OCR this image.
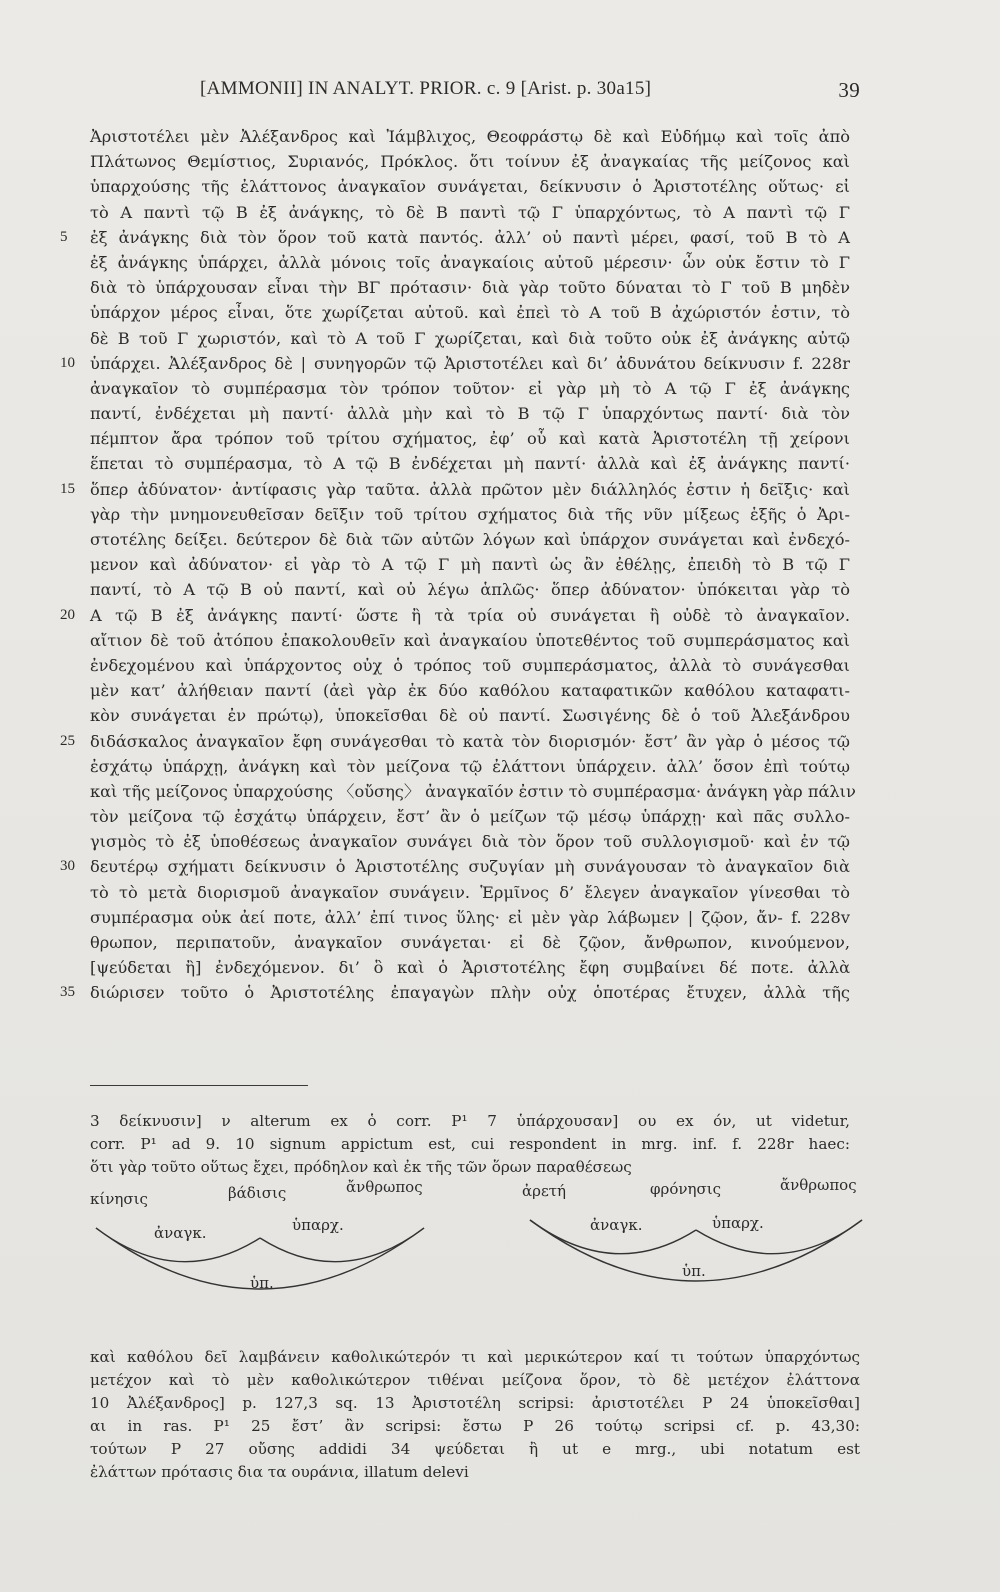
[AMMONII] IN ANALYT. PRIOR. c. 9 [Arist. p. 30a15]	39
Ἀριστοτέλει μὲν Ἀλέξανδρος καὶ Ἰάμβλιχος, Θεοφράστῳ δὲ καὶ Εὐδήμῳ καὶ τοῖς ἀπὸ
Πλάτωνος Θεμίστιος, Συριανός, Πρόκλος. ὅτι τοίνυν ἐξ ἀναγκαίας τῆς μείζονος καὶ
ὑπαρχούσης τῆς ἐλάττονος ἀναγκαῖον συνάγεται, δείκνυσιν ὁ Ἀριστοτέλης οὕτως· εἰ
τὸ Α παντὶ τῷ Β ἐξ ἀνάγκης, τὸ δὲ Β παντὶ τῷ Γ ὑπαρχόντως, τὸ Α παντὶ τῷ Γ
5	ἐξ ἀνάγκης διὰ τὸν ὅρον τοῦ κατὰ παντός. ἀλλ’ οὐ παντὶ μέρει, φασί, τοῦ Β τὸ Α
ἐξ ἀνάγκης ὑπάρχει, ἀλλὰ μόνοις τοῖς ἀναγκαίοις αὐτοῦ μέρεσιν· ὧν οὐκ ἔστιν τὸ Γ
διὰ τὸ ὑπάρχουσαν εἶναι τὴν ΒΓ πρότασιν· διὰ γὰρ τοῦτο δύναται τὸ Γ τοῦ Β μηδὲν
ὑπάρχον μέρος εἶναι, ὅτε χωρίζεται αὐτοῦ. καὶ ἐπεὶ τὸ Α τοῦ Β ἀχώριστόν ἐστιν, τὸ
δὲ Β τοῦ Γ χωριστόν, καὶ τὸ Α τοῦ Γ χωρίζεται, καὶ διὰ τοῦτο οὐκ ἐξ ἀνάγκης αὐτῷ
10 ὑπάρχει. Ἀλέξανδρος δὲ | συνηγορῶν τῷ Ἀριστοτέλει καὶ δι’ ἀδυνάτου δείκνυσιν f. 228r
ἀναγκαῖον τὸ συμπέρασμα τὸν τρόπον τοῦτον· εἰ γὰρ μὴ τὸ Α τῷ Γ ἐξ ἀνάγκης
παντί, ἐνδέχεται μὴ παντί· ἀλλὰ μὴν καὶ τὸ Β τῷ Γ ὑπαρχόντως παντί· διὰ τὸν
πέμπτον ἄρα τρόπον τοῦ τρίτου σχήματος, ἐφ’ οὗ καὶ κατὰ Ἀριστοτέλη τῇ χείρονι
ἕπεται τὸ συμπέρασμα, τὸ Α τῷ Β ἐνδέχεται μὴ παντί· ἀλλὰ καὶ ἐξ ἀνάγκης παντί·
15 ὅπερ ἀδύνατον· ἀντίφασις γὰρ ταῦτα. ἀλλὰ πρῶτον μὲν διάλληλός ἐστιν ἡ δεῖξις· καὶ
γὰρ τὴν μνημονευθεῖσαν δεῖξιν τοῦ τρίτου σχήματος διὰ τῆς νῦν μίξεως ἑξῆς ὁ Ἀρι-
στοτέλης δείξει. δεύτερον δὲ διὰ τῶν αὐτῶν λόγων καὶ ὑπάρχον συνάγεται καὶ ἐνδεχό-
μενον καὶ ἀδύνατον· εἰ γὰρ τὸ Α τῷ Γ μὴ παντὶ ὡς ἂν ἐθέλῃς, ἐπειδὴ τὸ Β τῷ Γ
παντί, τὸ Α τῷ Β οὐ παντί, καὶ οὐ λέγω ἁπλῶς· ὅπερ ἀδύνατον· ὑπόκειται γὰρ τὸ
20 Α τῷ Β ἐξ ἀνάγκης παντί· ὥστε ἢ τὰ τρία οὐ συνάγεται ἢ οὐδὲ τὸ ἀναγκαῖον.
αἴτιον δὲ τοῦ ἀτόπου ἐπακολουθεῖν καὶ ἀναγκαίου ὑποτεθέντος τοῦ συμπεράσματος καὶ
ἐνδεχομένου καὶ ὑπάρχοντος οὐχ ὁ τρόπος τοῦ συμπεράσματος, ἀλλὰ τὸ συνάγεσθαι
μὲν κατ’ ἀλήθειαν παντί (ἀεὶ γὰρ ἐκ δύο καθόλου καταφατικῶν καθόλου καταφατι-
κὸν συνάγεται ἐν πρώτῳ), ὑποκεῖσθαι δὲ οὐ παντί. Σωσιγένης δὲ ὁ τοῦ Ἀλεξάνδρου
25 διδάσκαλος ἀναγκαῖον ἔφη συνάγεσθαι τὸ κατὰ τὸν διορισμόν· ἔστ’ ἂν γὰρ ὁ μέσος τῷ
ἐσχάτῳ ὑπάρχῃ, ἀνάγκη καὶ τὸν μείζονα τῷ ἐλάττονι ὑπάρχειν. ἀλλ’ ὅσον ἐπὶ τούτῳ
καὶ τῆς μείζονος ὑπαρχούσης 〈οὔσης〉 ἀναγκαῖόν ἐστιν τὸ συμπέρασμα· ἀνάγκη γὰρ πάλιν
τὸν μείζονα τῷ ἐσχάτῳ ὑπάρχειν, ἔστ’ ἂν ὁ μείζων τῷ μέσῳ ὑπάρχῃ· καὶ πᾶς συλλο-
γισμὸς τὸ ἐξ ὑποθέσεως ἀναγκαῖον συνάγει διὰ τὸν ὅρον τοῦ συλλογισμοῦ· καὶ ἐν τῷ
30 δευτέρῳ σχήματι δείκνυσιν ὁ Ἀριστοτέλης συζυγίαν μὴ συνάγουσαν τὸ ἀναγκαῖον διὰ
τὸ τὸ μετὰ διορισμοῦ ἀναγκαῖον συνάγειν. Ἑρμῖνος δ’ ἔλεγεν ἀναγκαῖον γίνεσθαι τὸ
συμπέρασμα οὐκ ἀεί ποτε, ἀλλ’ ἐπί τινος ὕλης· εἰ μὲν γὰρ λάβωμεν | ζῷον, ἄν- f. 228v
θρωπον, περιπατοῦν, ἀναγκαῖον συνάγεται· εἰ δὲ ζῷον, ἄνθρωπον, κινούμενον,
[ψεύδεται ἢ] ἐνδεχόμενον. δι’ ὃ καὶ ὁ Ἀριστοτέλης ἔφη συμβαίνει δέ ποτε. ἀλλὰ
35 διώρισεν τοῦτο ὁ Ἀριστοτέλης ἐπαγαγὼν πλὴν οὐχ ὁποτέρας ἔτυχεν, ἀλλὰ τῆς
3 δείκνυσιν] ν alterum ex ὁ corr. P¹ 7 ὑπάρχουσαν] ου ex όν, ut videtur,
corr. P¹ ad 9. 10 signum appictum est, cui respondent in mrg. inf. f. 228r haec:
ὅτι γὰρ τοῦτο οὕτως ἔχει, πρόδηλον καὶ ἐκ τῆς τῶν ὅρων παραθέσεως
κίνησις	βάδισις	ἄνθρωπος
ἀναγκ.	ὑπαρχ.
ὑπ.
ἀρετή	φρόνησις	ἄνθρωπος
ἀναγκ.	ὑπαρχ.
ὑπ.
καὶ καθόλου δεῖ λαμβάνειν καθολικώτερόν τι καὶ μερικώτερον καί τι τούτων ὑπαρχόντως
μετέχον καὶ τὸ μὲν καθολικώτερον τιθέναι μείζονα ὅρον, τὸ δὲ μετέχον ἐλάττονα
10 Ἀλέξανδρος] p. 127,3 sq. 13 Ἀριστοτέλη scripsi: ἀριστοτέλει P 24 ὑποκεῖσθαι]
αι in ras. P¹ 25 ἔστ’ ἂν scripsi: ἔστω P 26 τούτῳ scripsi cf. p. 43,30:
τούτων P 27 οὔσης addidi 34 ψεύδεται ἢ ut e mrg., ubi notatum est
ἐλάττων πρότασις δια τα ουράνια, illatum delevi
